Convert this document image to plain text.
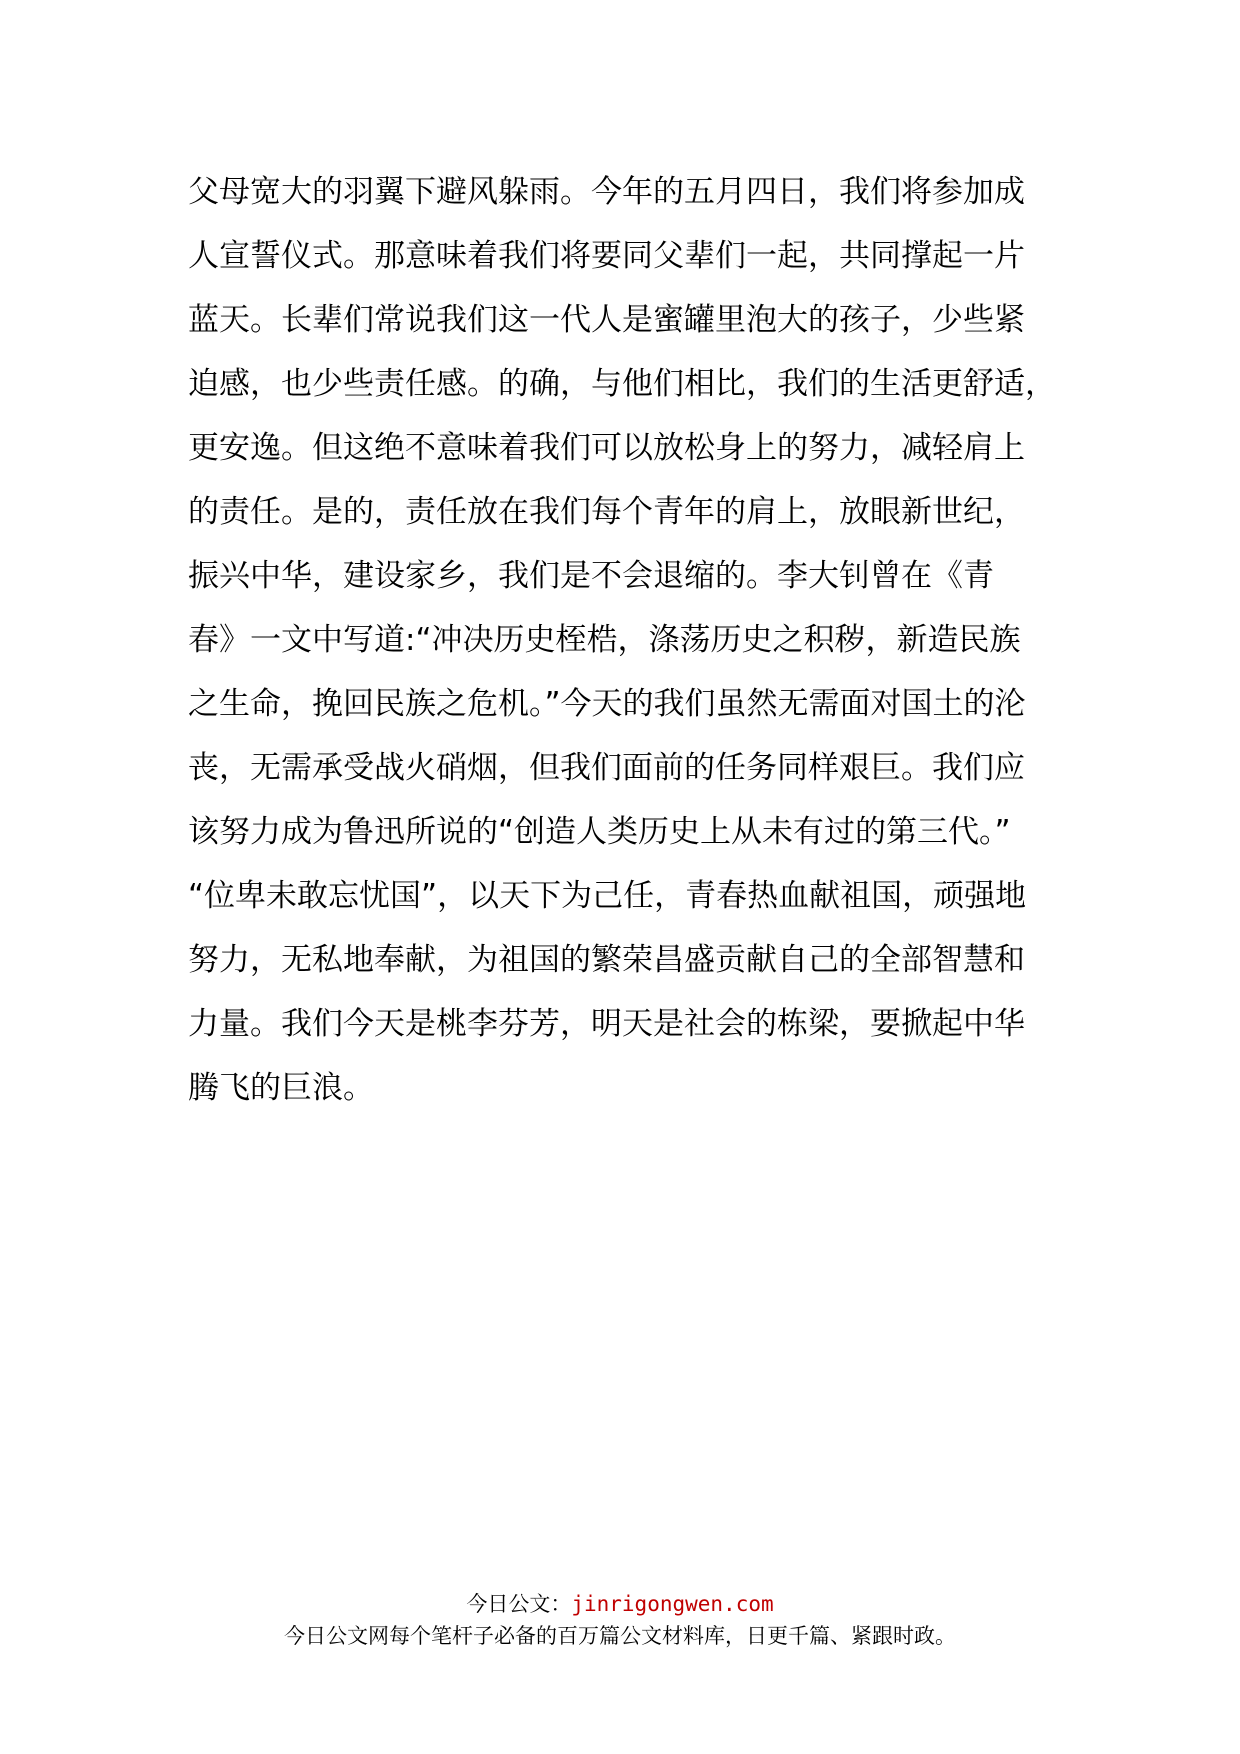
父母宽大的羽翼下避风躲雨。今年的五月四日，我们将参加成
人宣誓仪式。那意味着我们将要同父辈们一起，共同撑起一片
蓝天。长辈们常说我们这一代人是蜜罐里泡大的孩子，少些紧
迫感，也少些责任感。的确，与他们相比，我们的生活更舒适，
更安逸。但这绝不意味着我们可以放松身上的努力，减轻肩上
的责任。是的，责任放在我们每个青年的肩上，放眼新世纪，
振兴中华，建设家乡，我们是不会退缩的。李大钊曾在《青
春》一文中写道:“冲决历史桎梏，涤荡历史之积秽，新造民族
之生命，挽回民族之危机。”今天的我们虽然无需面对国土的沦
丧，无需承受战火硝烟，但我们面前的任务同样艰巨。我们应
该努力成为鲁迅所说的“创造人类历史上从未有过的第三代。”
“位卑未敢忘忧国”，以天下为己任，青春热血献祖国，顽强地
努力，无私地奉献，为祖国的繁荣昌盛贡献自己的全部智慧和
力量。我们今天是桃李芬芳，明天是社会的栋梁，要掀起中华
腾飞的巨浪。
今日公文：jinrigongwen.com
今日公文网每个笔杆子必备的百万篇公文材料库，日更千篇、紧跟时政。
